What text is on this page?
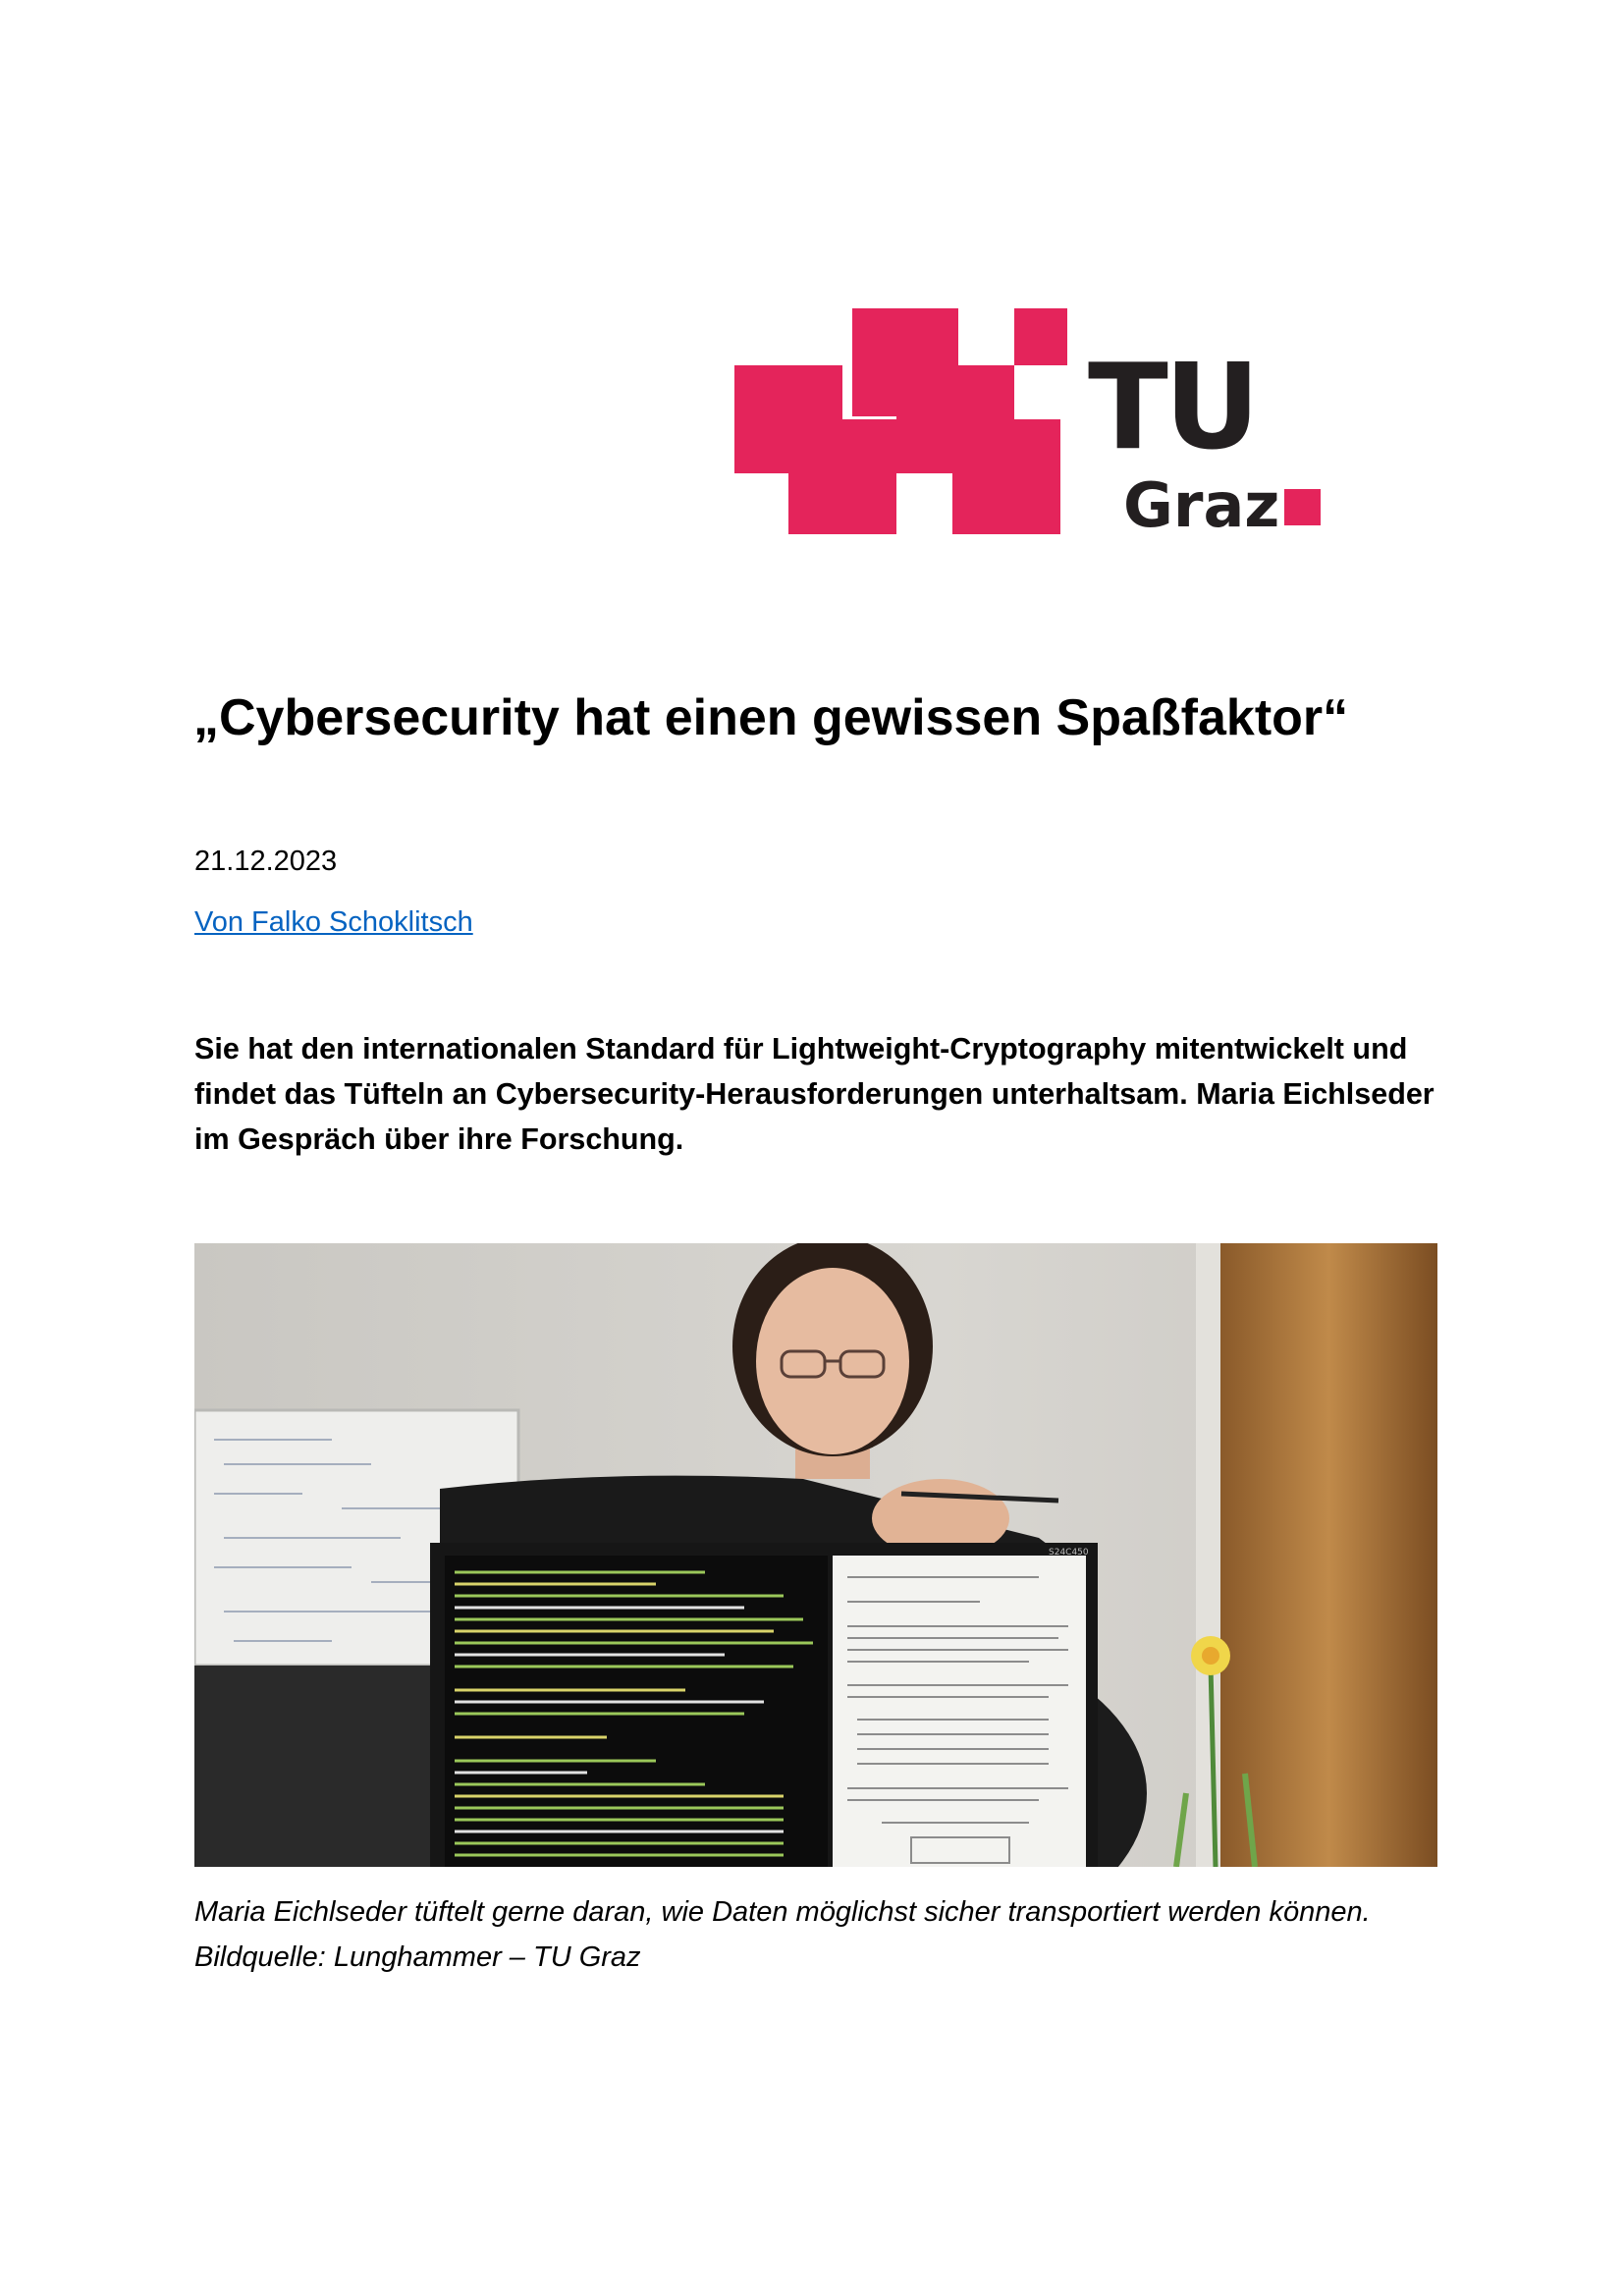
TU
Graz
„Cybersecurity hat einen gewissen Spaßfaktor“
21.12.2023
Von Falko Schoklitsch

Sie hat den internationalen Standard für Lightweight-Cryptography mitentwickelt und findet das Tüfteln an Cybersecurity-Herausforderungen unterhaltsam. Maria Eichlseder im Gespräch über ihre Forschung.

S24C450

Maria Eichlseder tüftelt gerne daran, wie Daten möglichst sicher transportiert werden können.
Bildquelle: Lunghammer – TU Graz
